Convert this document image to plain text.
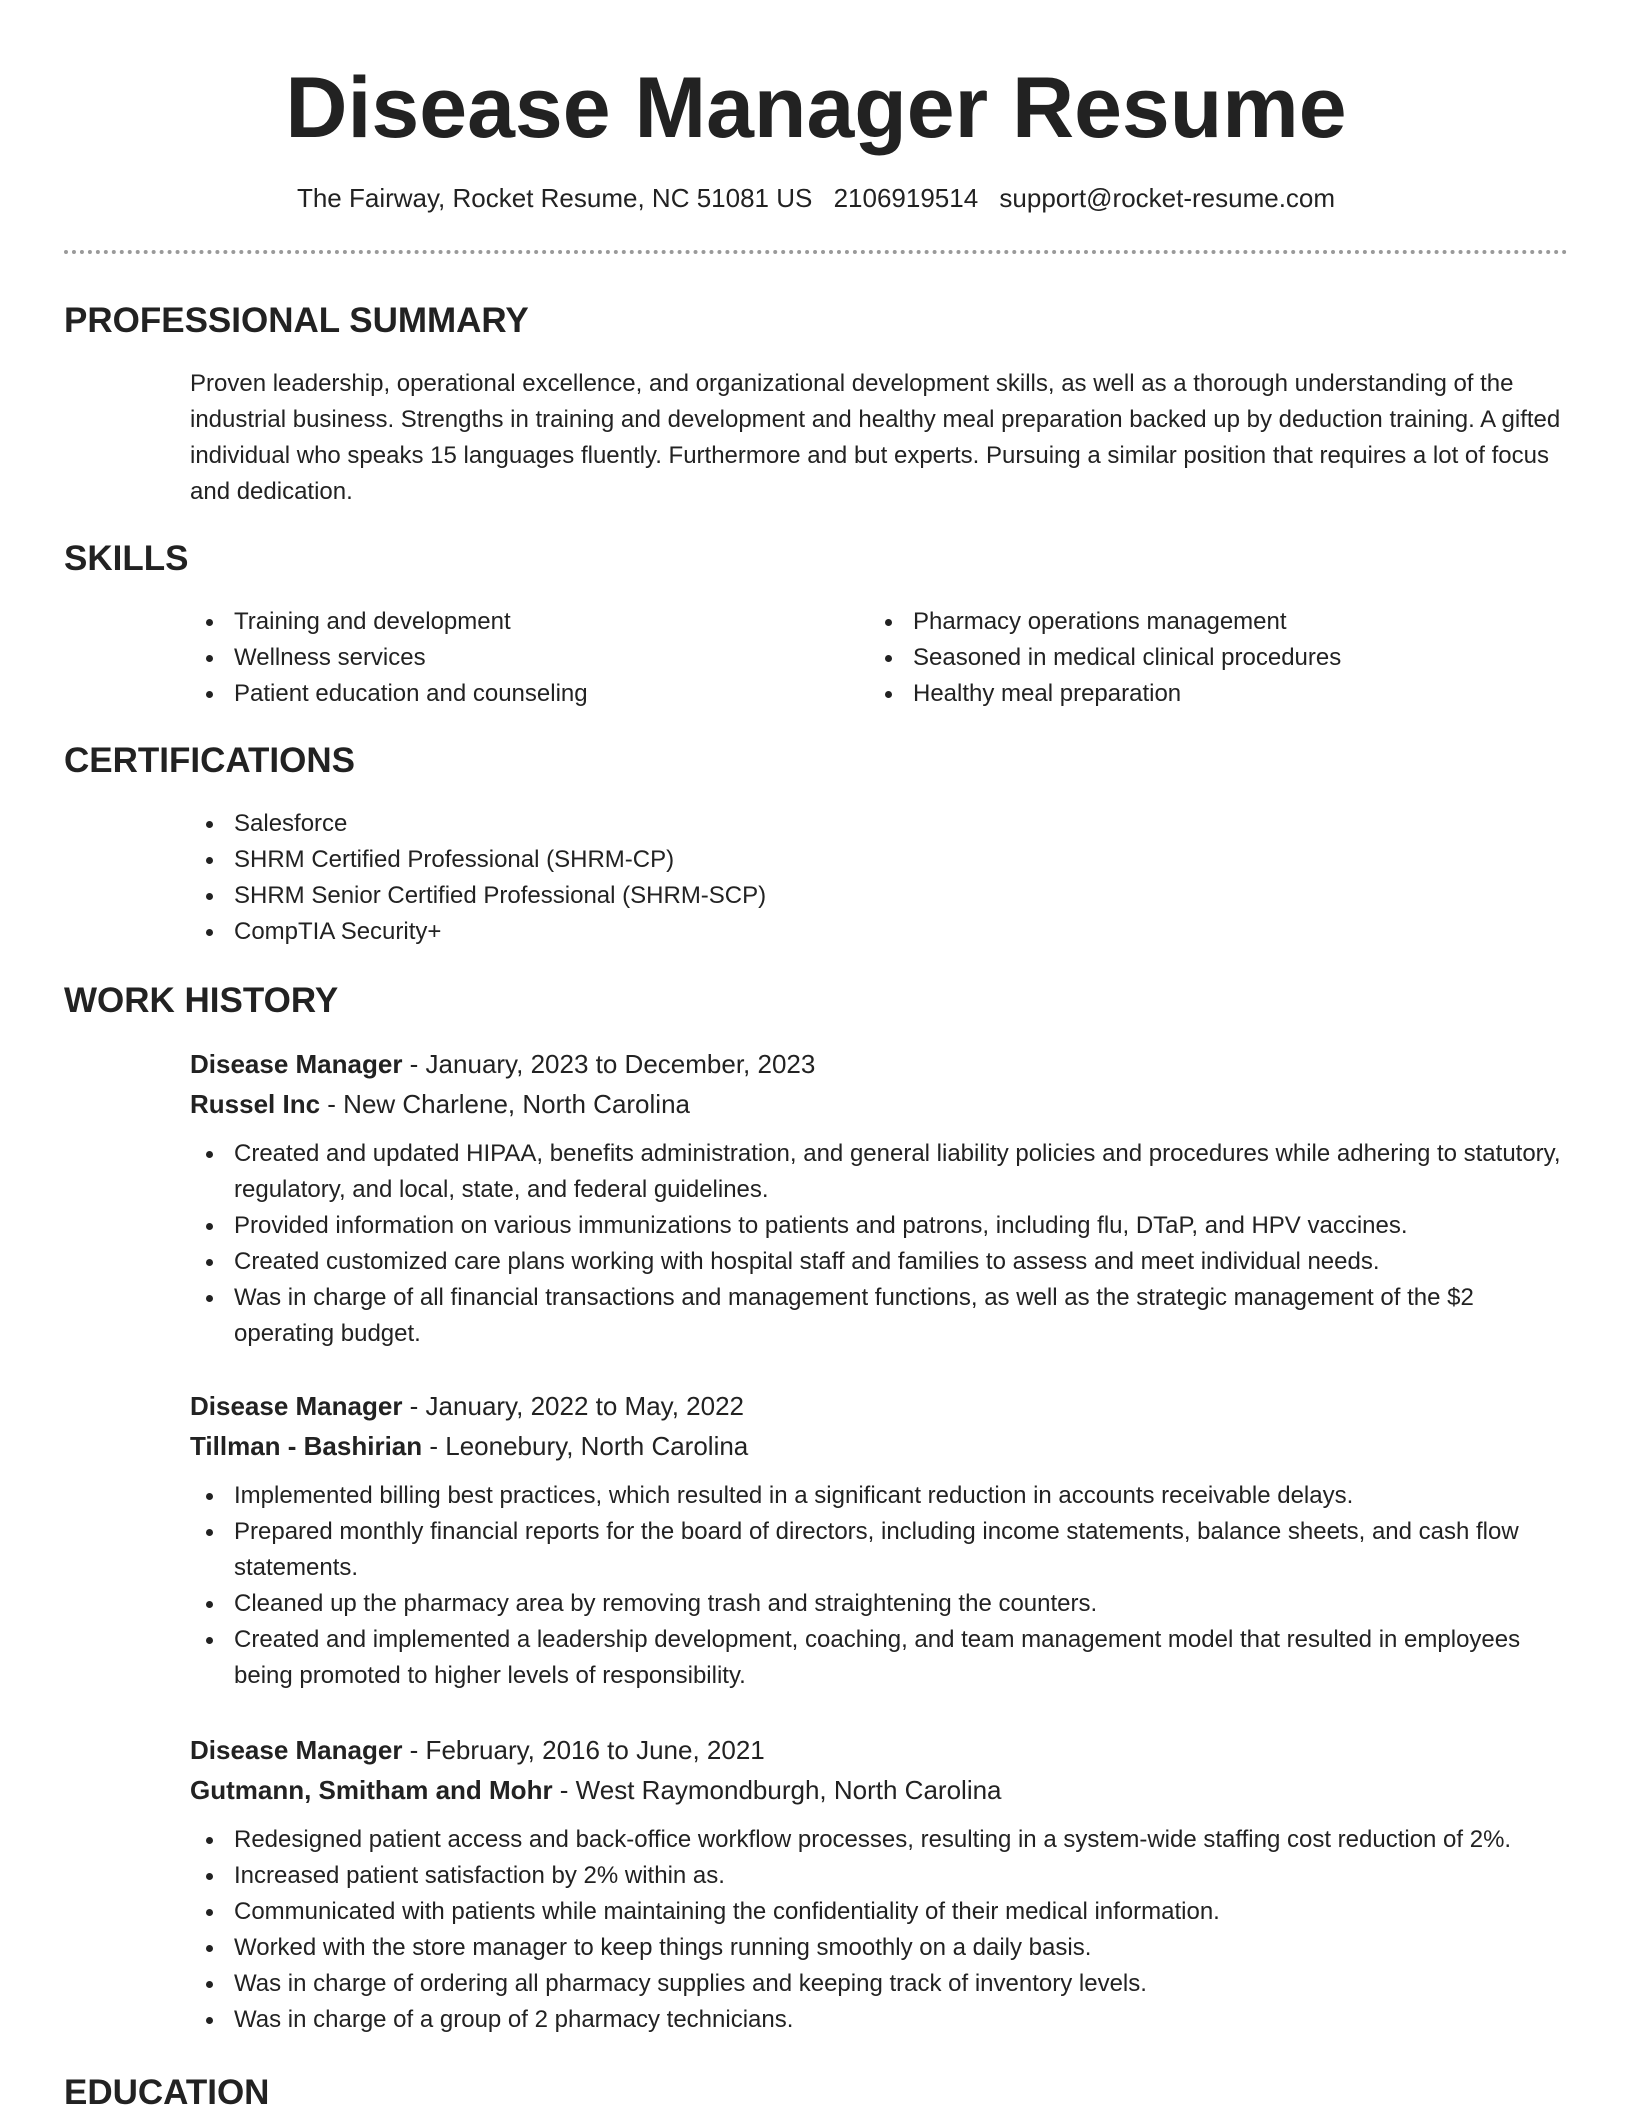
Disease Manager Resume
The Fairway, Rocket Resume, NC 51081 US 2106919514 support@rocket-resume.com
PROFESSIONAL SUMMARY
Proven leadership, operational excellence, and organizational development skills, as well as a thorough understanding of the industrial business. Strengths in training and development and healthy meal preparation backed up by deduction training. A gifted individual who speaks 15 languages fluently. Furthermore and but experts. Pursuing a similar position that requires a lot of focus and dedication.
SKILLS
Training and development
Wellness services
Patient education and counseling
Pharmacy operations management
Seasoned in medical clinical procedures
Healthy meal preparation
CERTIFICATIONS
Salesforce
SHRM Certified Professional (SHRM-CP)
SHRM Senior Certified Professional (SHRM-SCP)
CompTIA Security+
WORK HISTORY
Disease Manager - January, 2023 to December, 2023
Russel Inc - New Charlene, North Carolina
Created and updated HIPAA, benefits administration, and general liability policies and procedures while adhering to statutory, regulatory, and local, state, and federal guidelines.
Provided information on various immunizations to patients and patrons, including flu, DTaP, and HPV vaccines.
Created customized care plans working with hospital staff and families to assess and meet individual needs.
Was in charge of all financial transactions and management functions, as well as the strategic management of the $2 operating budget.
Disease Manager - January, 2022 to May, 2022
Tillman - Bashirian - Leonebury, North Carolina
Implemented billing best practices, which resulted in a significant reduction in accounts receivable delays.
Prepared monthly financial reports for the board of directors, including income statements, balance sheets, and cash flow statements.
Cleaned up the pharmacy area by removing trash and straightening the counters.
Created and implemented a leadership development, coaching, and team management model that resulted in employees being promoted to higher levels of responsibility.
Disease Manager - February, 2016 to June, 2021
Gutmann, Smitham and Mohr - West Raymondburgh, North Carolina
Redesigned patient access and back-office workflow processes, resulting in a system-wide staffing cost reduction of 2%.
Increased patient satisfaction by 2% within as.
Communicated with patients while maintaining the confidentiality of their medical information.
Worked with the store manager to keep things running smoothly on a daily basis.
Was in charge of ordering all pharmacy supplies and keeping track of inventory levels.
Was in charge of a group of 2 pharmacy technicians.
EDUCATION
